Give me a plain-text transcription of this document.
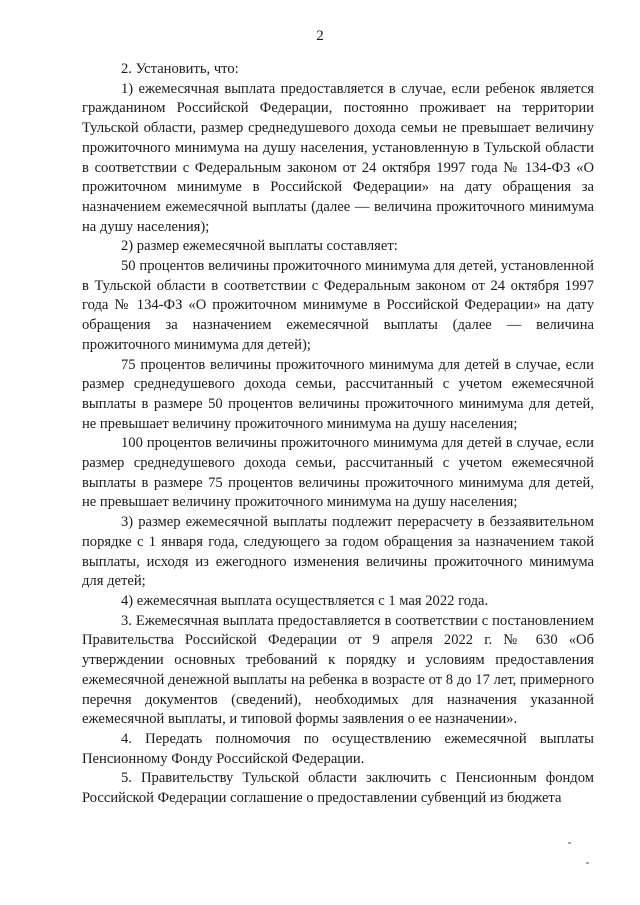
2

2. Установить, что:

1) ежемесячная выплата предоставляется в случае, если ребенок является гражданином Российской Федерации, постоянно проживает на территории Тульской области, размер среднедушевого дохода семьи не превышает величину прожиточного минимума на душу населения, установленную в Тульской области в соответствии с Федеральным законом от 24 октября 1997 года № 134-ФЗ «О прожиточном минимуме в Российской Федерации» на дату обращения за назначением ежемесячной выплаты (далее — величина прожиточного минимума на душу населения);

2) размер ежемесячной выплаты составляет:

50 процентов величины прожиточного минимума для детей, установленной в Тульской области в соответствии с Федеральным законом от 24 октября 1997 года № 134-ФЗ «О прожиточном минимуме в Российской Федерации» на дату обращения за назначением ежемесячной выплаты (далее — величина прожиточного минимума для детей);

75 процентов величины прожиточного минимума для детей в случае, если размер среднедушевого дохода семьи, рассчитанный с учетом ежемесячной выплаты в размере 50 процентов величины прожиточного минимума для детей, не превышает величину прожиточного минимума на душу населения;

100 процентов величины прожиточного минимума для детей в случае, если размер среднедушевого дохода семьи, рассчитанный с учетом ежемесячной выплаты в размере 75 процентов величины прожиточного минимума для детей, не превышает величину прожиточного минимума на душу населения;

3) размер ежемесячной выплаты подлежит перерасчету в беззаявительном порядке с 1 января года, следующего за годом обращения за назначением такой выплаты, исходя из ежегодного изменения величины прожиточного минимума для детей;

4) ежемесячная выплата осуществляется с 1 мая 2022 года.

3. Ежемесячная выплата предоставляется в соответствии с постановлением Правительства Российской Федерации от 9 апреля 2022 г. № 630 «Об утверждении основных требований к порядку и условиям предоставления ежемесячной денежной выплаты на ребенка в возрасте от 8 до 17 лет, примерного перечня документов (сведений), необходимых для назначения указанной ежемесячной выплаты, и типовой формы заявления о ее назначении».

4. Передать полномочия по осуществлению ежемесячной выплаты Пенсионному Фонду Российской Федерации.

5. Правительству Тульской области заключить с Пенсионным фондом Российской Федерации соглашение о предоставлении субвенций из бюджета
